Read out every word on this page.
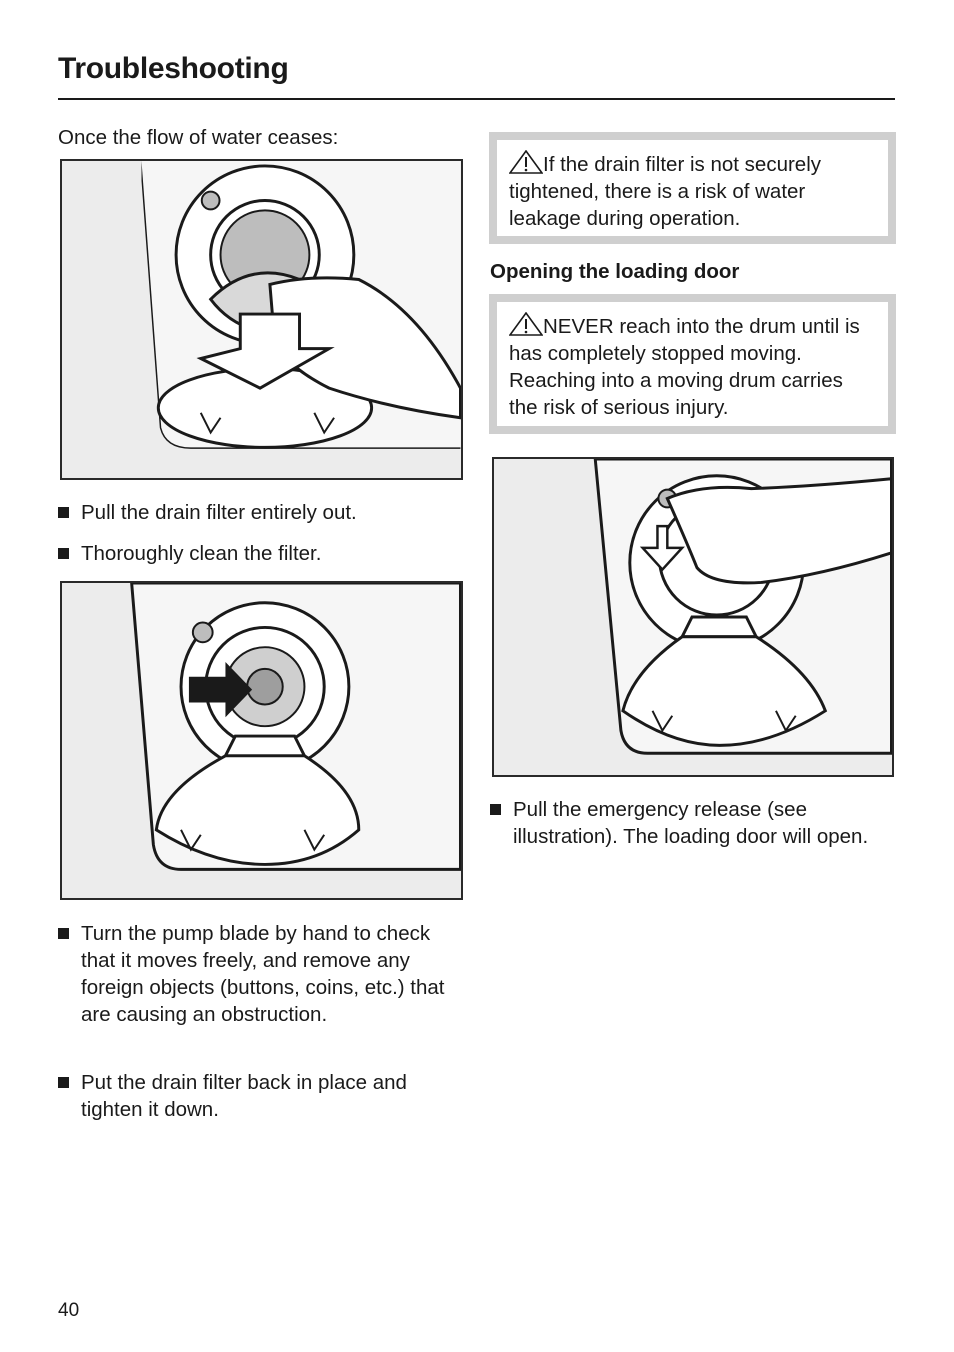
Troubleshooting
Once the flow of water ceases:
Pull the drain filter entirely out.
Thoroughly clean the filter.
Turn the pump blade by hand to check that it moves freely, and remove any foreign objects (buttons, coins, etc.) that are causing an obstruction.
Put the drain filter back in place and tighten it down.
If the drain filter is not securely tightened, there is a risk of water leakage during operation.
Opening the loading door
NEVER reach into the drum until is has completely stopped moving. Reaching into a moving drum carries the risk of serious injury.
Pull the emergency release (see illustration). The loading door will open.
40
